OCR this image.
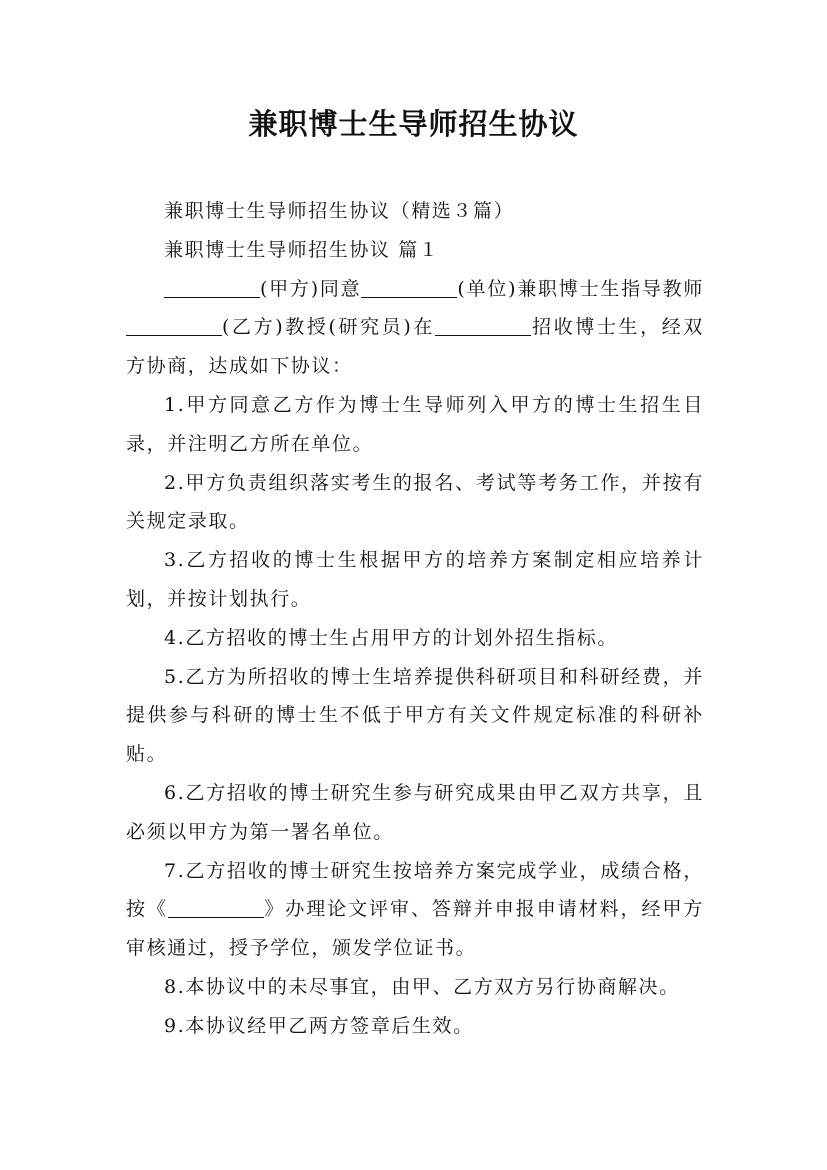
兼职博士生导师招生协议

兼职博士生导师招生协议（精选３篇）

兼职博士生导师招生协议 篇１

(甲方)同意	(单位)兼职博士生指导教师(乙方)教授(研究员)在	招收博士生，经双方协商，达成如下协议：

1.甲方同意乙方作为博士生导师列入甲方的博士生招生目录，并注明乙方所在单位。

2.甲方负责组织落实考生的报名、考试等考务工作，并按有关规定录取。

3.乙方招收的博士生根据甲方的培养方案制定相应培养计划，并按计划执行。

4.乙方招收的博士生占用甲方的计划外招生指标。

5.乙方为所招收的博士生培养提供科研项目和科研经费，并提供参与科研的博士生不低于甲方有关文件规定标准的科研补贴。

6.乙方招收的博士研究生参与研究成果由甲乙双方共享，且必须以甲方为第一署名单位。

7.乙方招收的博士研究生按培养方案完成学业，成绩合格，按《	》办理论文评审、答辩并申报申请材料，经甲方审核通过，授予学位，颁发学位证书。

8.本协议中的未尽事宜，由甲、乙方双方另行协商解决。

9.本协议经甲乙两方签章后生效。
